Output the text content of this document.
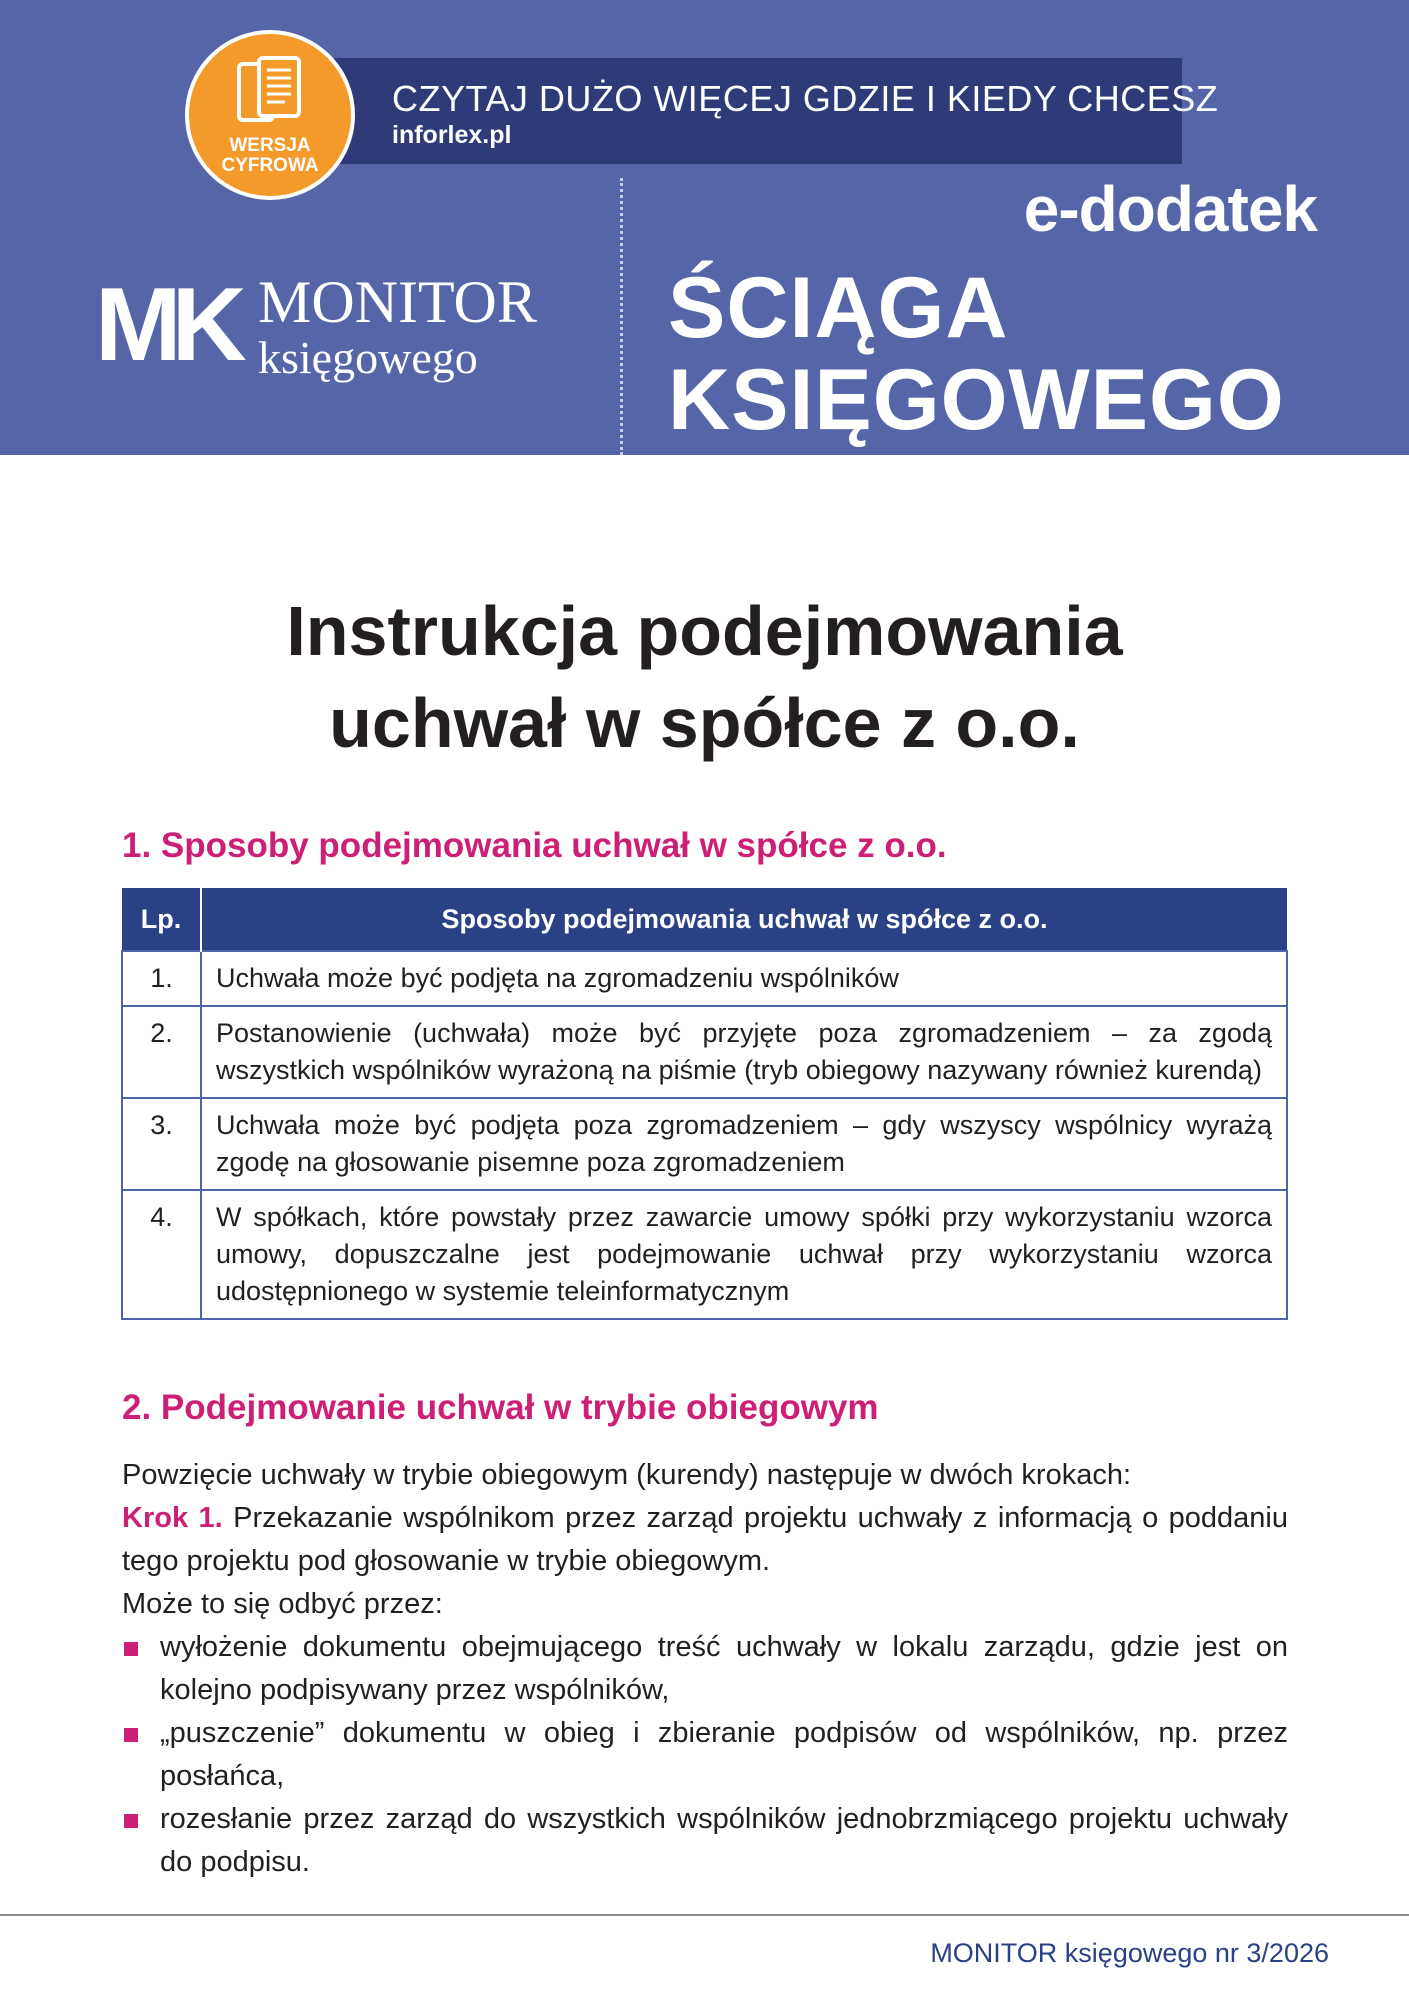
CZYTAJ DUŻO WIĘCEJ GDZIE I KIEDY CHCESZ
inforlex.pl
WERSJA
CYFROWA
MK MONITOR
księgowego
e-dodatek
ŚCIĄGA
KSIĘGOWEGO
Instrukcja podejmowania
uchwał w spółce z o.o.
1. Sposoby podejmowania uchwał w spółce z o.o.
Lp.	Sposoby podejmowania uchwał w spółce z o.o.
1.	Uchwała może być podjęta na zgromadzeniu wspólników
2.	Postanowienie (uchwała) może być przyjęte poza zgromadzeniem – za zgodą wszystkich wspólników wyrażoną na piśmie (tryb obiegowy nazywany również kurendą)
3.	Uchwała może być podjęta poza zgromadzeniem – gdy wszyscy wspólnicy wyrażą zgodę na głosowanie pisemne poza zgromadzeniem
4.	W spółkach, które powstały przez zawarcie umowy spółki przy wykorzystaniu wzorca umowy, dopuszczalne jest podejmowanie uchwał przy wykorzystaniu wzorca udostępnionego w systemie teleinformatycznym
2. Podejmowanie uchwał w trybie obiegowym
Powzięcie uchwały w trybie obiegowym (kurendy) następuje w dwóch krokach:
Krok 1. Przekazanie wspólnikom przez zarząd projektu uchwały z informacją o poddaniu tego projektu pod głosowanie w trybie obiegowym.
Może to się odbyć przez:
wyłożenie dokumentu obejmującego treść uchwały w lokalu zarządu, gdzie jest on kolejno podpisywany przez wspólników,
„puszczenie” dokumentu w obieg i zbieranie podpisów od wspólników, np. przez posłańca,
rozesłanie przez zarząd do wszystkich wspólników jednobrzmiącego projektu uchwały do podpisu.
MONITOR księgowego nr 3/2026
